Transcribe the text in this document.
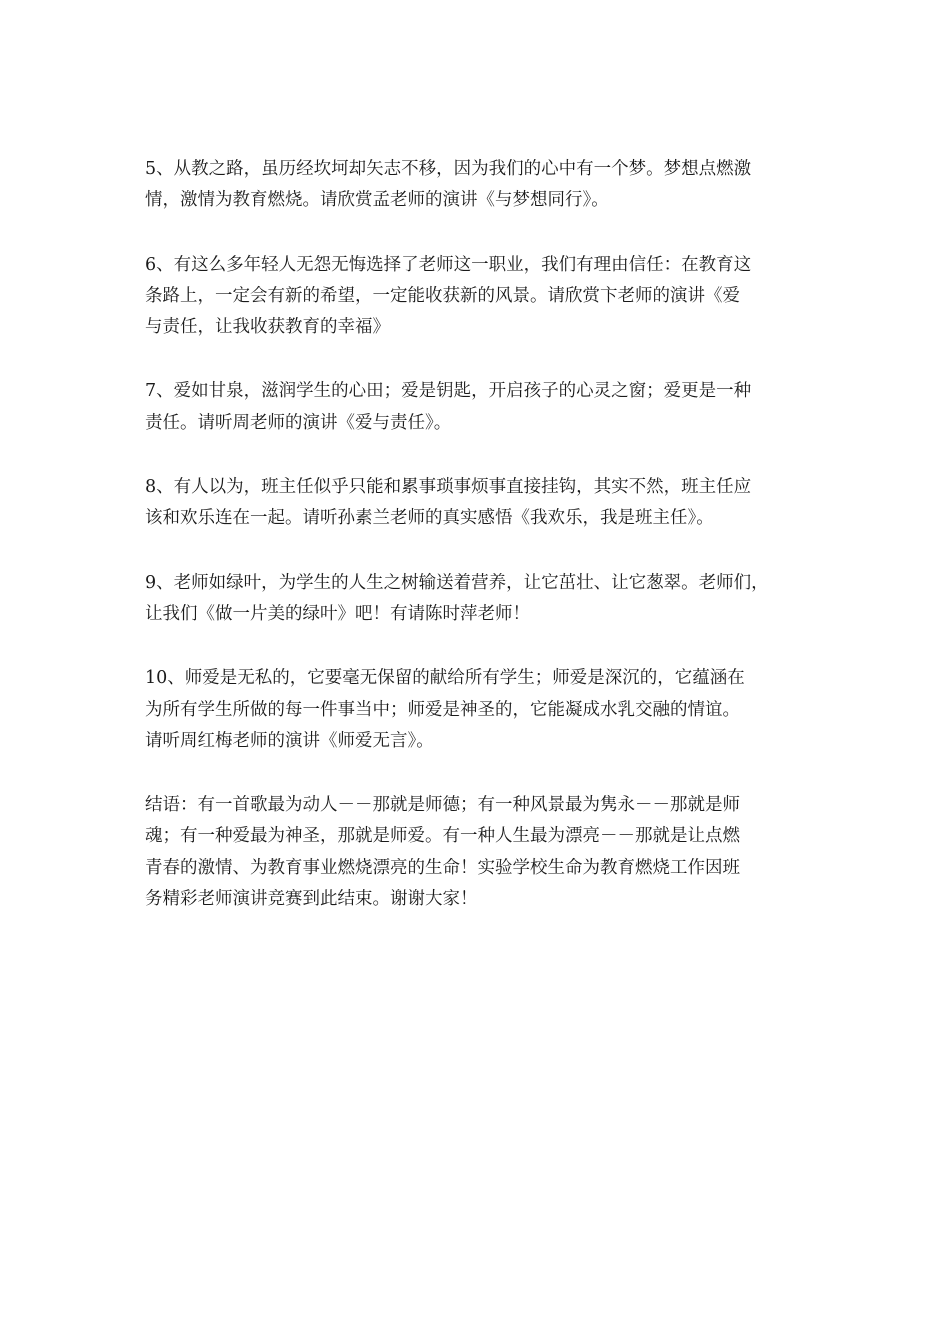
5、从教之路，虽历经坎坷却矢志不移，因为我们的心中有一个梦。梦想点燃激
情，激情为教育燃烧。请欣赏孟老师的演讲《与梦想同行》。

6、有这么多年轻人无怨无悔选择了老师这一职业，我们有理由信任：在教育这
条路上，一定会有新的希望，一定能收获新的风景。请欣赏卞老师的演讲《爱
与责任，让我收获教育的幸福》

7、爱如甘泉，滋润学生的心田；爱是钥匙，开启孩子的心灵之窗；爱更是一种
责任。请听周老师的演讲《爱与责任》。

8、有人以为，班主任似乎只能和累事琐事烦事直接挂钩，其实不然，班主任应
该和欢乐连在一起。请听孙素兰老师的真实感悟《我欢乐，我是班主任》。

9、老师如绿叶，为学生的人生之树输送着营养，让它茁壮、让它葱翠。老师们，
让我们《做一片美的绿叶》吧！有请陈时萍老师！

10、师爱是无私的，它要毫无保留的献给所有学生；师爱是深沉的，它蕴涵在
为所有学生所做的每一件事当中；师爱是神圣的，它能凝成水乳交融的情谊。
请听周红梅老师的演讲《师爱无言》。

结语：有一首歌最为动人－－那就是师德；有一种风景最为隽永－－那就是师
魂；有一种爱最为神圣，那就是师爱。有一种人生最为漂亮－－那就是让点燃
青春的激情、为教育事业燃烧漂亮的生命！实验学校生命为教育燃烧工作因班
务精彩老师演讲竞赛到此结束。谢谢大家！
